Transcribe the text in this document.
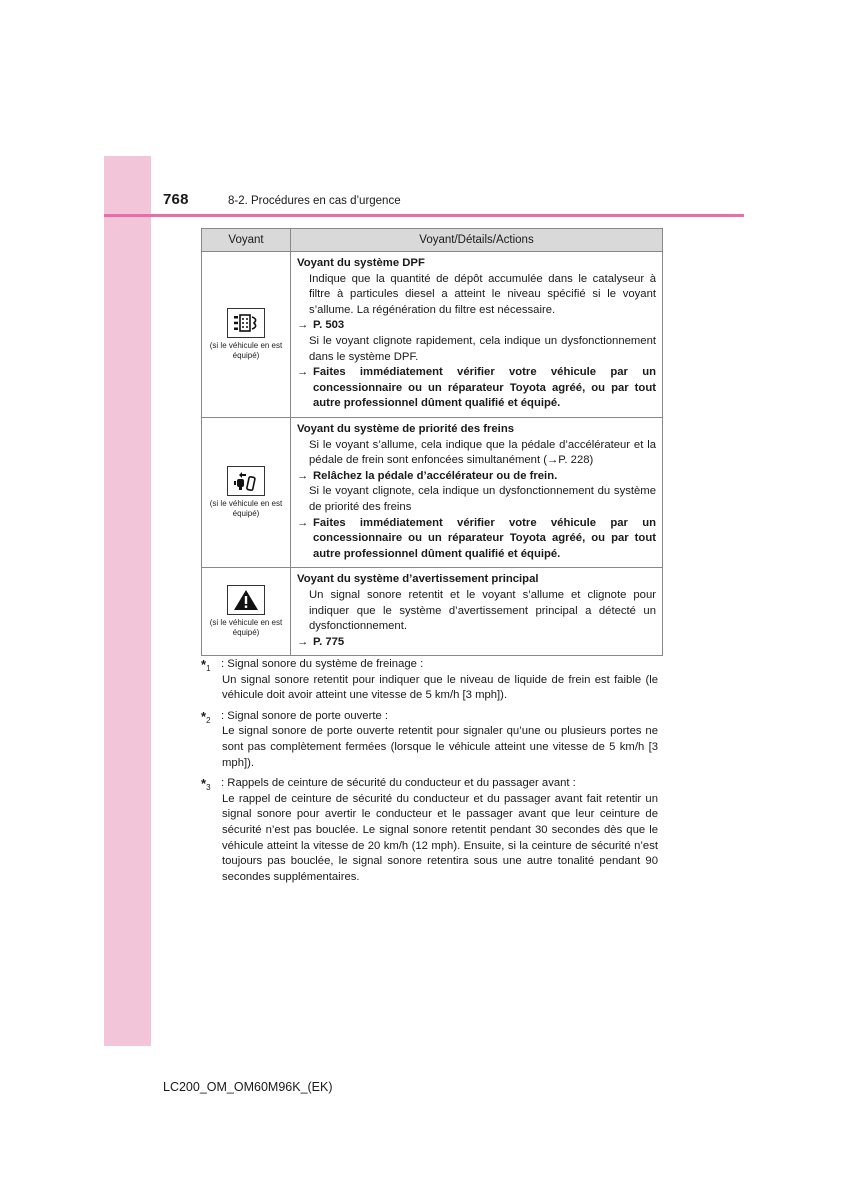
768	8-2. Procédures en cas d’urgence
Voyant	Voyant/Détails/Actions

(si le véhicule en est équipé)	Voyant du système DPF
Indique que la quantité de dépôt accumulée dans le catalyseur à filtre à particules diesel a atteint le niveau spécifié si le voyant s’allume. La régénération du filtre est nécessaire.
→ P. 503
Si le voyant clignote rapidement, cela indique un dysfonctionnement dans le système DPF.
→ Faites immédiatement vérifier votre véhicule par un concessionnaire ou un réparateur Toyota agréé, ou par tout autre professionnel dûment qualifié et équipé.

(si le véhicule en est équipé)	Voyant du système de priorité des freins
Si le voyant s’allume, cela indique que la pédale d’accélérateur et la pédale de frein sont enfoncées simultanément (→P. 228)
→ Relâchez la pédale d’accélérateur ou de frein.
Si le voyant clignote, cela indique un dysfonctionnement du système de priorité des freins
→ Faites immédiatement vérifier votre véhicule par un concessionnaire ou un réparateur Toyota agréé, ou par tout autre professionnel dûment qualifié et équipé.

(si le véhicule en est équipé)	Voyant du système d’avertissement principal
Un signal sonore retentit et le voyant s’allume et clignote pour indiquer que le système d’avertissement principal a détecté un dysfonctionnement.
→ P. 775
*$^1$ : Signal sonore du système de freinage :
Un signal sonore retentit pour indiquer que le niveau de liquide de frein est faible (le véhicule doit avoir atteint une vitesse de 5 km/h [3 mph]).
*$^2$ : Signal sonore de porte ouverte :
Le signal sonore de porte ouverte retentit pour signaler qu’une ou plusieurs portes ne sont pas complètement fermées (lorsque le véhicule atteint une vitesse de 5 km/h [3 mph]).
*$^3$ : Rappels de ceinture de sécurité du conducteur et du passager avant :
Le rappel de ceinture de sécurité du conducteur et du passager avant fait retentir un signal sonore pour avertir le conducteur et le passager avant que leur ceinture de sécurité n’est pas bouclée. Le signal sonore retentit pendant 30 secondes dès que le véhicule atteint la vitesse de 20 km/h (12 mph). Ensuite, si la ceinture de sécurité n’est toujours pas bouclée, le signal sonore retentira sous une autre tonalité pendant 90 secondes supplémentaires.
LC200_OM_OM60M96K_(EK)
